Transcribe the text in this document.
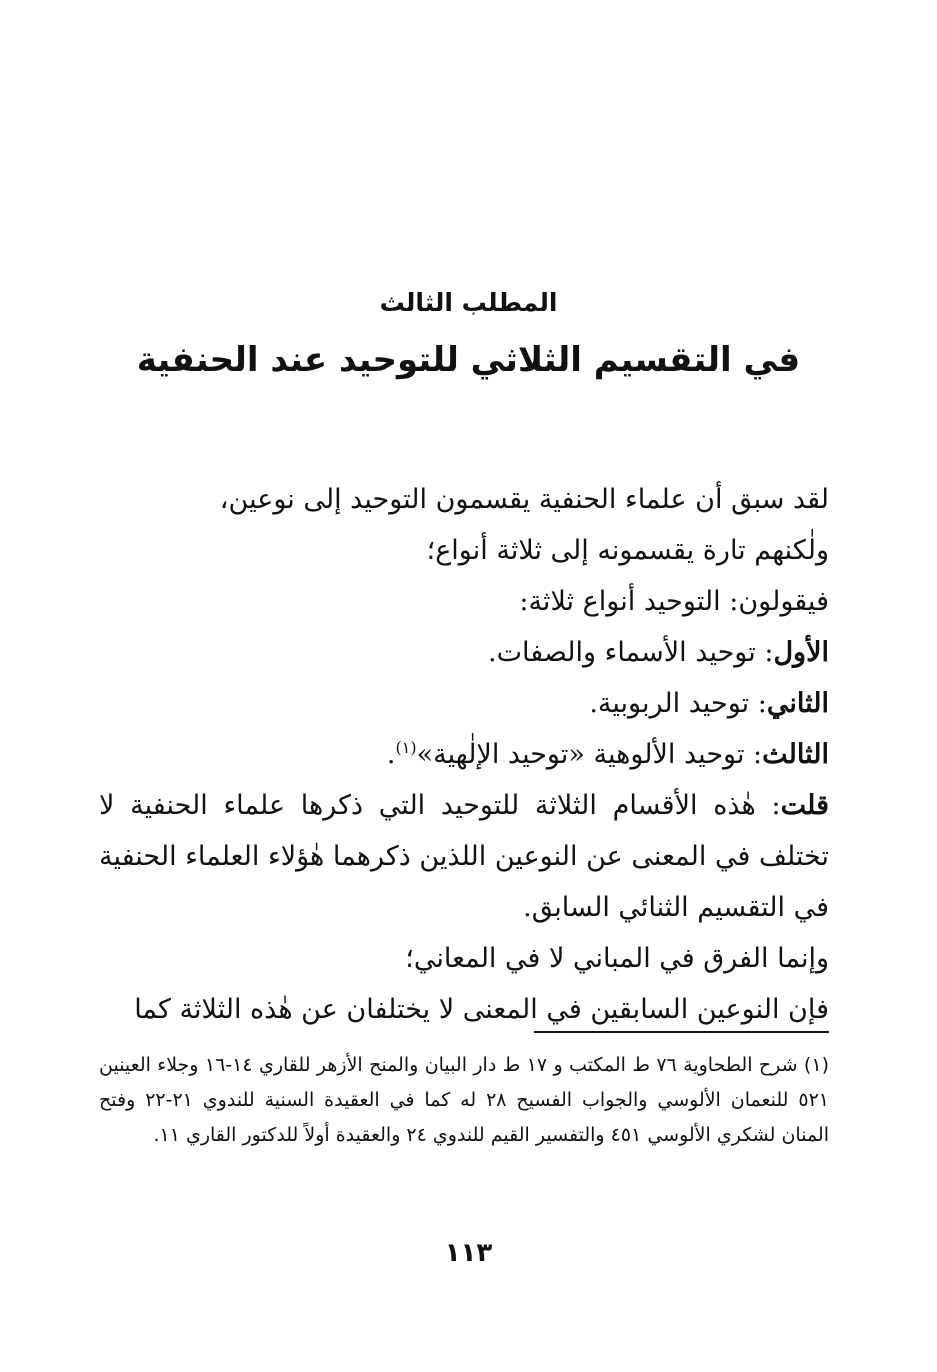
المطلب الثالث
في التقسيم الثلاثي للتوحيد عند الحنفية

لقد سبق أن علماء الحنفية يقسمون التوحيد إلى نوعين،

ولٰكنهم تارة يقسمونه إلى ثلاثة أنواع؛

فيقولون: التوحيد أنواع ثلاثة:

الأول: توحيد الأسماء والصفات.

الثاني: توحيد الربوبية.

الثالث: توحيد الألوهية «توحيد الإلٰهية»$^{(١)}$.

قلت: هٰذه الأقسام الثلاثة للتوحيد التي ذكرها علماء الحنفية لا تختلف في المعنى عن النوعين اللذين ذكرهما هٰؤلاء العلماء الحنفية في التقسيم الثنائي السابق.

وإنما الفرق في المباني لا في المعاني؛

فإن النوعين السابقين في المعنى لا يختلفان عن هٰذه الثلاثة كما

(١) شرح الطحاوية ٧٦ ط المكتب و ١٧ ط دار البيان والمنح الأزهر للقاري ١٤-١٦ وجلاء العينين ٥٢١ للنعمان الألوسي والجواب الفسيح ٢٨ له كما في العقيدة السنية للندوي ٢١-٢٢ وفتح المنان لشكري الألوسي ٤٥١ والتفسير القيم للندوي ٢٤ والعقيدة أولاً للدكتور القاري ١١.

١١٣
